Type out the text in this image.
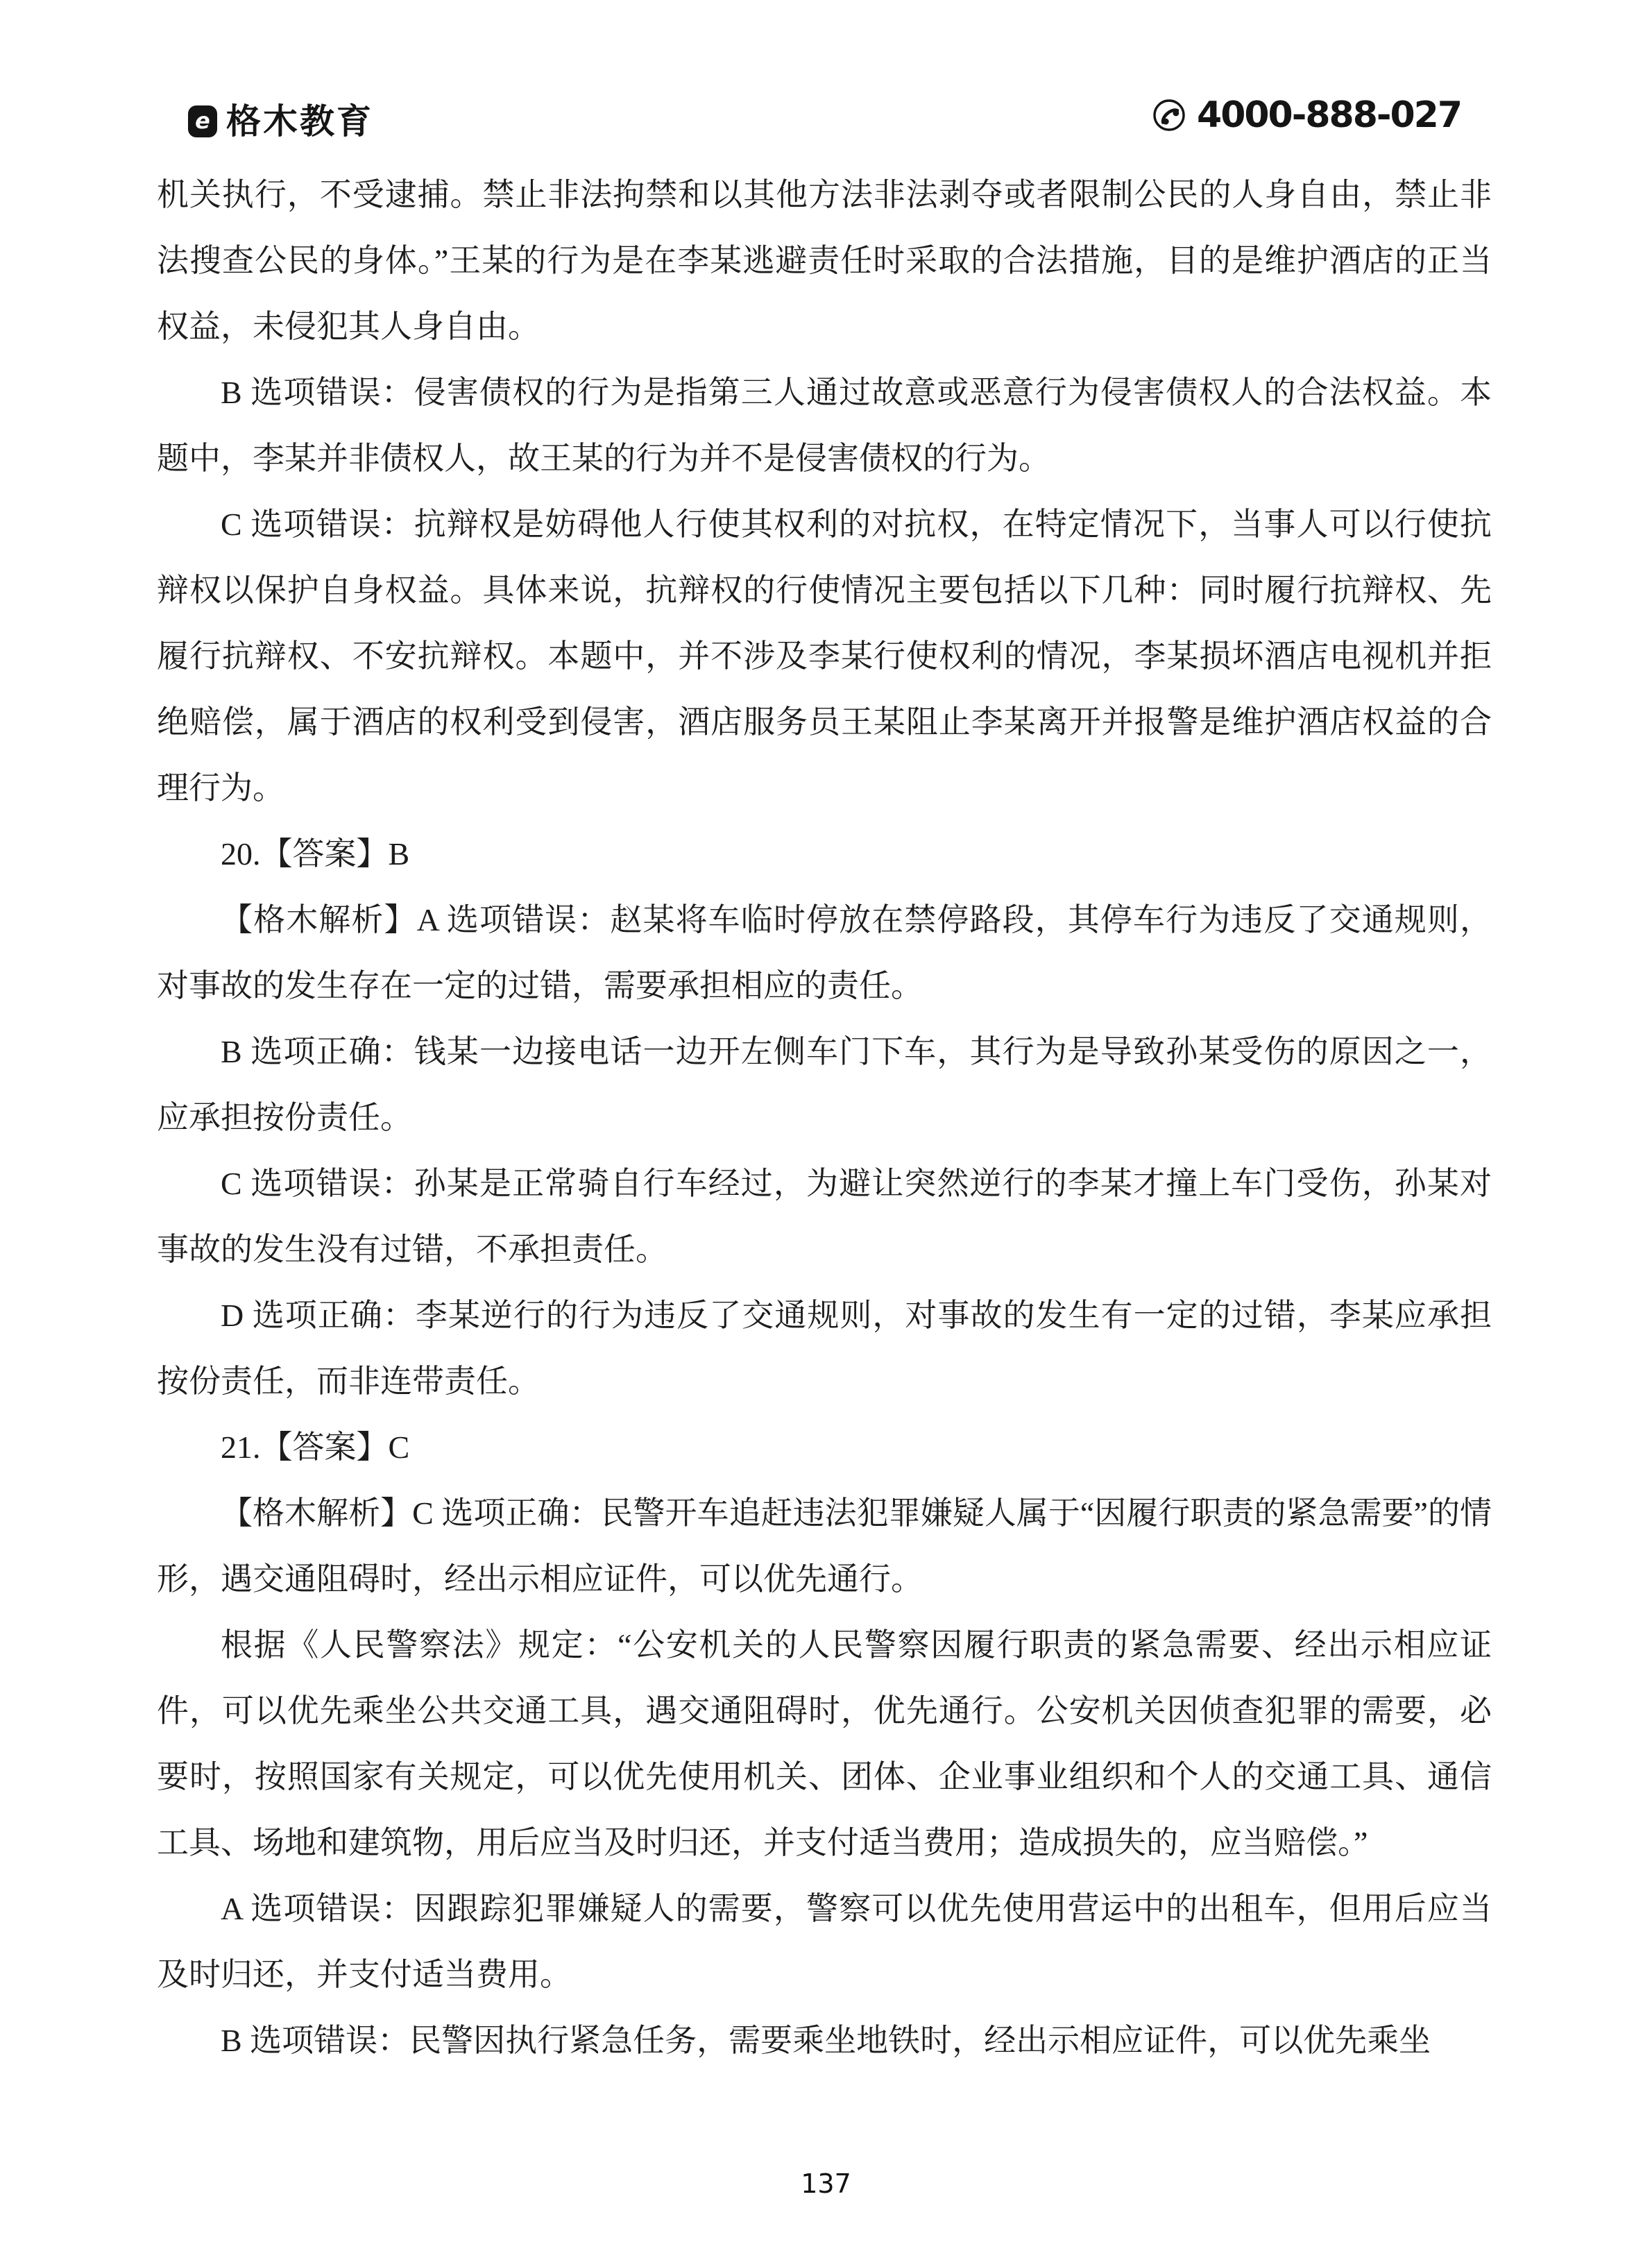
e 格木教育	4000-888-027

机关执行，不受逮捕。禁止非法拘禁和以其他方法非法剥夺或者限制公民的人身自由，禁止非法搜查公民的身体。”王某的行为是在李某逃避责任时采取的合法措施，目的是维护酒店的正当权益，未侵犯其人身自由。

B 选项错误：侵害债权的行为是指第三人通过故意或恶意行为侵害债权人的合法权益。本题中，李某并非债权人，故王某的行为并不是侵害债权的行为。

C 选项错误：抗辩权是妨碍他人行使其权利的对抗权，在特定情况下，当事人可以行使抗辩权以保护自身权益。具体来说，抗辩权的行使情况主要包括以下几种：同时履行抗辩权、先履行抗辩权、不安抗辩权。本题中，并不涉及李某行使权利的情况，李某损坏酒店电视机并拒绝赔偿，属于酒店的权利受到侵害，酒店服务员王某阻止李某离开并报警是维护酒店权益的合理行为。

20.【答案】B

【格木解析】A 选项错误：赵某将车临时停放在禁停路段，其停车行为违反了交通规则，对事故的发生存在一定的过错，需要承担相应的责任。

B 选项正确：钱某一边接电话一边开左侧车门下车，其行为是导致孙某受伤的原因之一，应承担按份责任。

C 选项错误：孙某是正常骑自行车经过，为避让突然逆行的李某才撞上车门受伤，孙某对事故的发生没有过错，不承担责任。

D 选项正确：李某逆行的行为违反了交通规则，对事故的发生有一定的过错，李某应承担按份责任，而非连带责任。

21.【答案】C

【格木解析】C 选项正确：民警开车追赶违法犯罪嫌疑人属于“因履行职责的紧急需要”的情形，遇交通阻碍时，经出示相应证件，可以优先通行。

根据《人民警察法》规定：“公安机关的人民警察因履行职责的紧急需要、经出示相应证件，可以优先乘坐公共交通工具，遇交通阻碍时，优先通行。公安机关因侦查犯罪的需要，必要时，按照国家有关规定，可以优先使用机关、团体、企业事业组织和个人的交通工具、通信工具、场地和建筑物，用后应当及时归还，并支付适当费用；造成损失的，应当赔偿。”

A 选项错误：因跟踪犯罪嫌疑人的需要，警察可以优先使用营运中的出租车，但用后应当及时归还，并支付适当费用。

B 选项错误：民警因执行紧急任务，需要乘坐地铁时，经出示相应证件，可以优先乘坐

137
